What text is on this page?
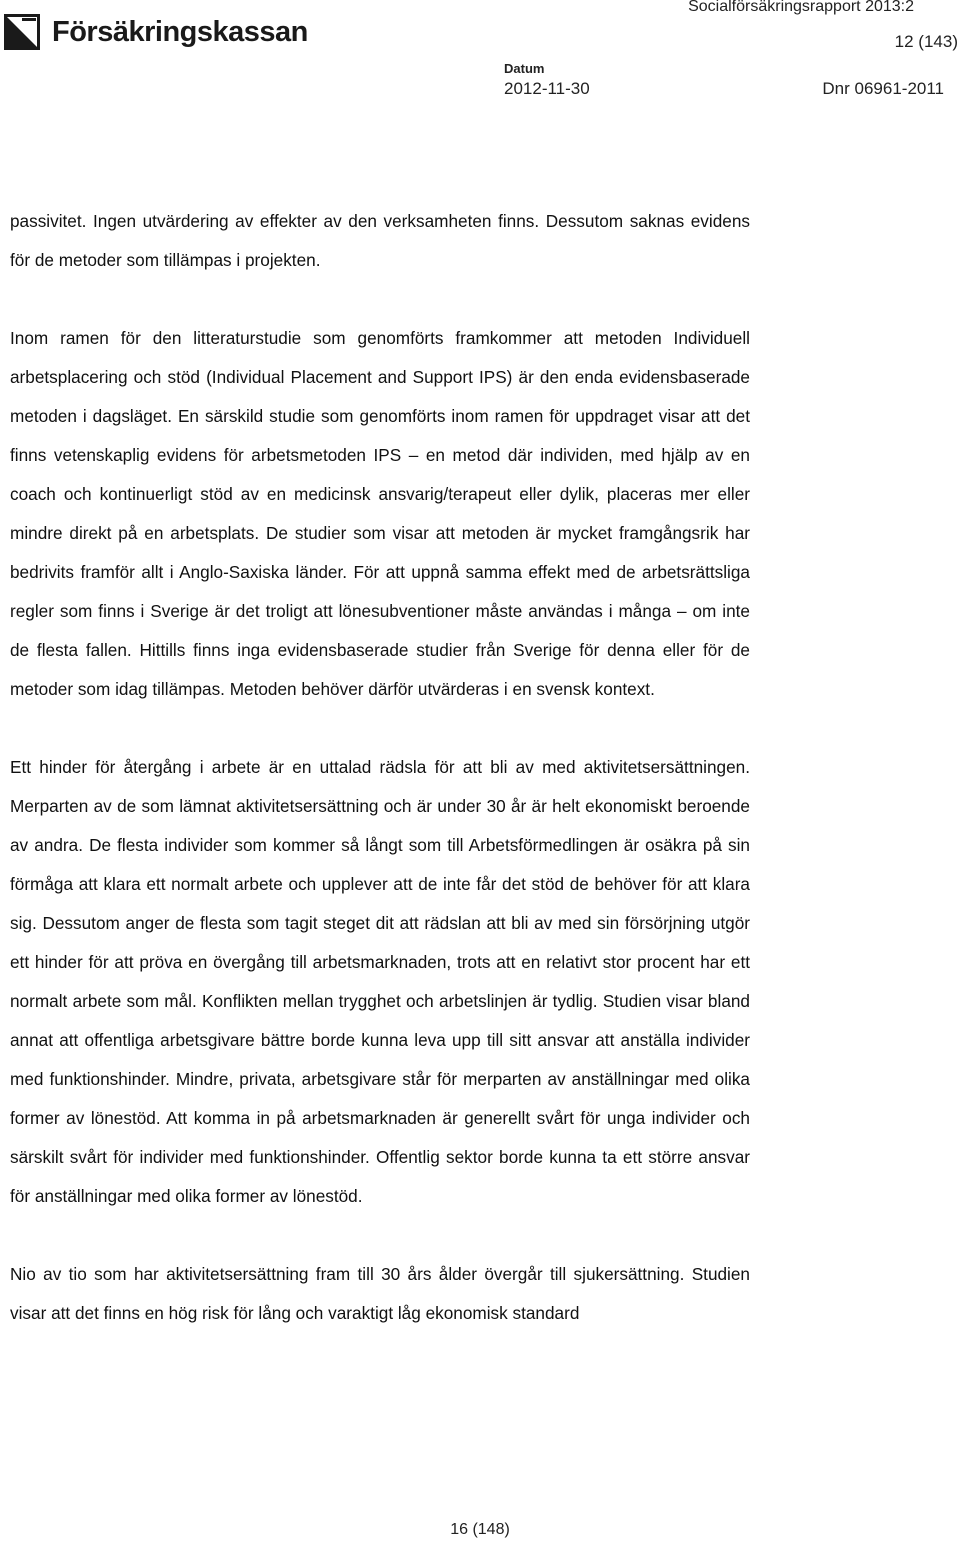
Försäkringskassan
Socialförsäkringsrapport 2013:2
12 (143)
Datum
2012-11-30	Dnr 06961-2011

passivitet. Ingen utvärdering av effekter av den verksamheten finns. Dessutom saknas evidens för de metoder som tillämpas i projekten.

Inom ramen för den litteraturstudie som genomförts framkommer att metoden Individuell arbetsplacering och stöd (Individual Placement and Support IPS) är den enda evidensbaserade metoden i dagsläget. En särskild studie som genomförts inom ramen för uppdraget visar att det finns vetenskaplig evidens för arbetsmetoden IPS – en metod där individen, med hjälp av en coach och kontinuerligt stöd av en medicinsk ansvarig/terapeut eller dylik, placeras mer eller mindre direkt på en arbetsplats. De studier som visar att metoden är mycket framgångsrik har bedrivits framför allt i Anglo-Saxiska länder. För att uppnå samma effekt med de arbetsrättsliga regler som finns i Sverige är det troligt att lönesubventioner måste användas i många – om inte de flesta fallen. Hittills finns inga evidensbaserade studier från Sverige för denna eller för de metoder som idag tillämpas. Metoden behöver därför utvärderas i en svensk kontext.

Ett hinder för återgång i arbete är en uttalad rädsla för att bli av med aktivitetsersättningen. Merparten av de som lämnat aktivitetsersättning och är under 30 år är helt ekonomiskt beroende av andra. De flesta individer som kommer så långt som till Arbetsförmedlingen är osäkra på sin förmåga att klara ett normalt arbete och upplever att de inte får det stöd de behöver för att klara sig. Dessutom anger de flesta som tagit steget dit att rädslan att bli av med sin försörjning utgör ett hinder för att pröva en övergång till arbetsmarknaden, trots att en relativt stor procent har ett normalt arbete som mål. Konflikten mellan trygghet och arbetslinjen är tydlig. Studien visar bland annat att offentliga arbetsgivare bättre borde kunna leva upp till sitt ansvar att anställa individer med funktionshinder. Mindre, privata, arbetsgivare står för merparten av anställningar med olika former av lönestöd. Att komma in på arbetsmarknaden är generellt svårt för unga individer och särskilt svårt för individer med funktionshinder. Offentlig sektor borde kunna ta ett större ansvar för anställningar med olika former av lönestöd.

Nio av tio som har aktivitetsersättning fram till 30 års ålder övergår till sjukersättning. Studien visar att det finns en hög risk för lång och varaktigt låg ekonomisk standard

16 (148)
